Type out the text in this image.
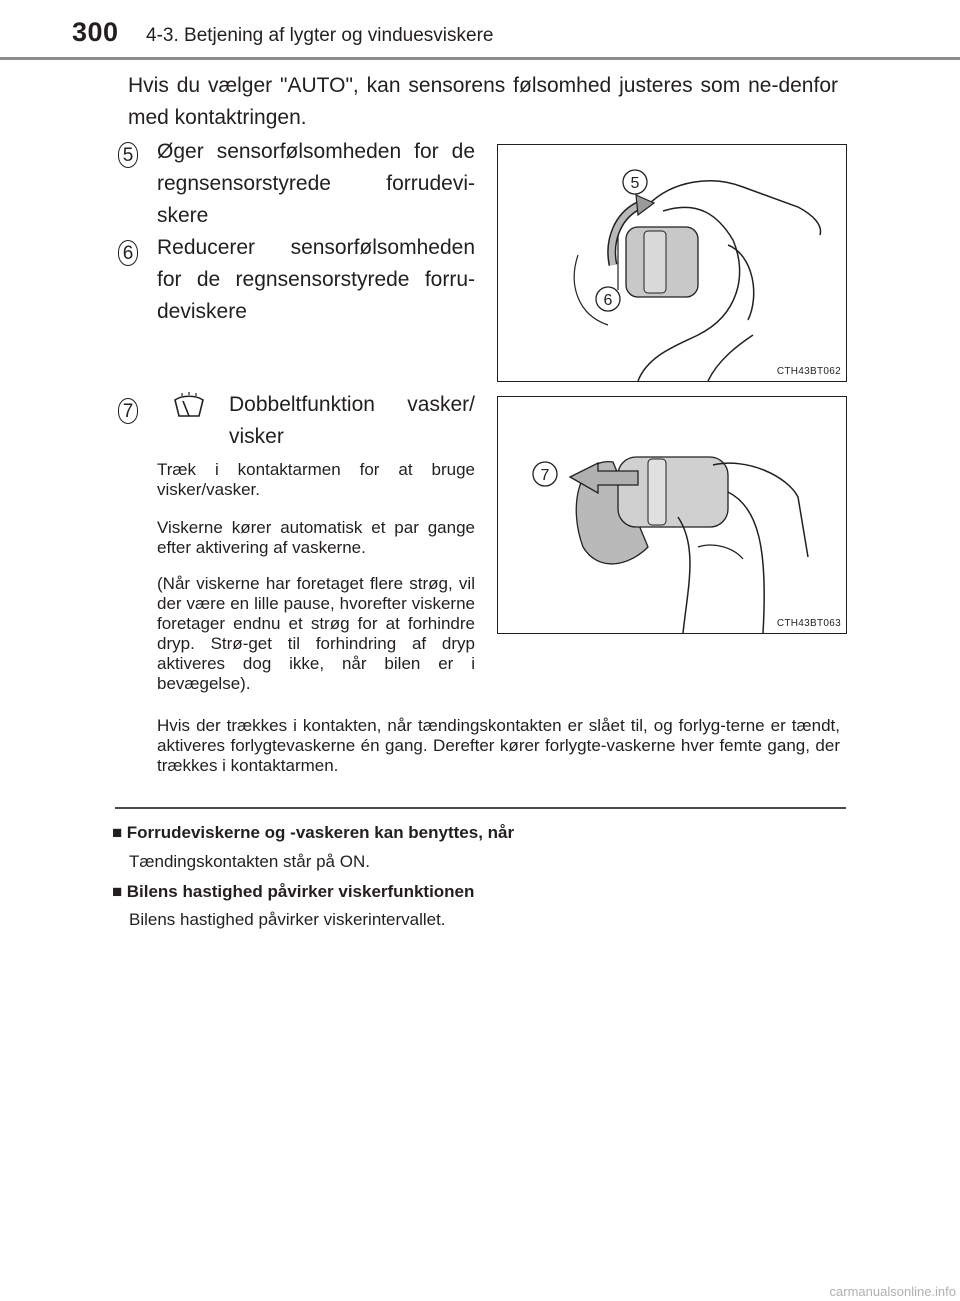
300 4-3. Betjening af lygter og vinduesviskere
Hvis du vælger "AUTO", kan sensorens følsomhed justeres som ne-denfor med kontaktringen.
5 Øger sensorfølsomheden for de regnsensorstyrede forrudevi-skere
6 Reducerer sensorfølsomheden for de regnsensorstyrede forru-deviskere
5
6
CTH43BT062
7	Dobbeltfunktion vasker/ visker
Træk i kontaktarmen for at bruge visker/vasker.
Viskerne kører automatisk et par gange efter aktivering af vaskerne.
(Når viskerne har foretaget flere strøg, vil der være en lille pause, hvorefter viskerne foretager endnu et strøg for at forhindre dryp. Strø-get til forhindring af dryp aktiveres dog ikke, når bilen er i bevægelse).
7
CTH43BT063
Hvis der trækkes i kontakten, når tændingskontakten er slået til, og forlyg-terne er tændt, aktiveres forlygtevaskerne én gang. Derefter kører forlygte-vaskerne hver femte gang, der trækkes i kontaktarmen.
■ Forrudeviskerne og -vaskeren kan benyttes, når
Tændingskontakten står på ON.
■ Bilens hastighed påvirker viskerfunktionen
Bilens hastighed påvirker viskerintervallet.
carmanualsonline.info
